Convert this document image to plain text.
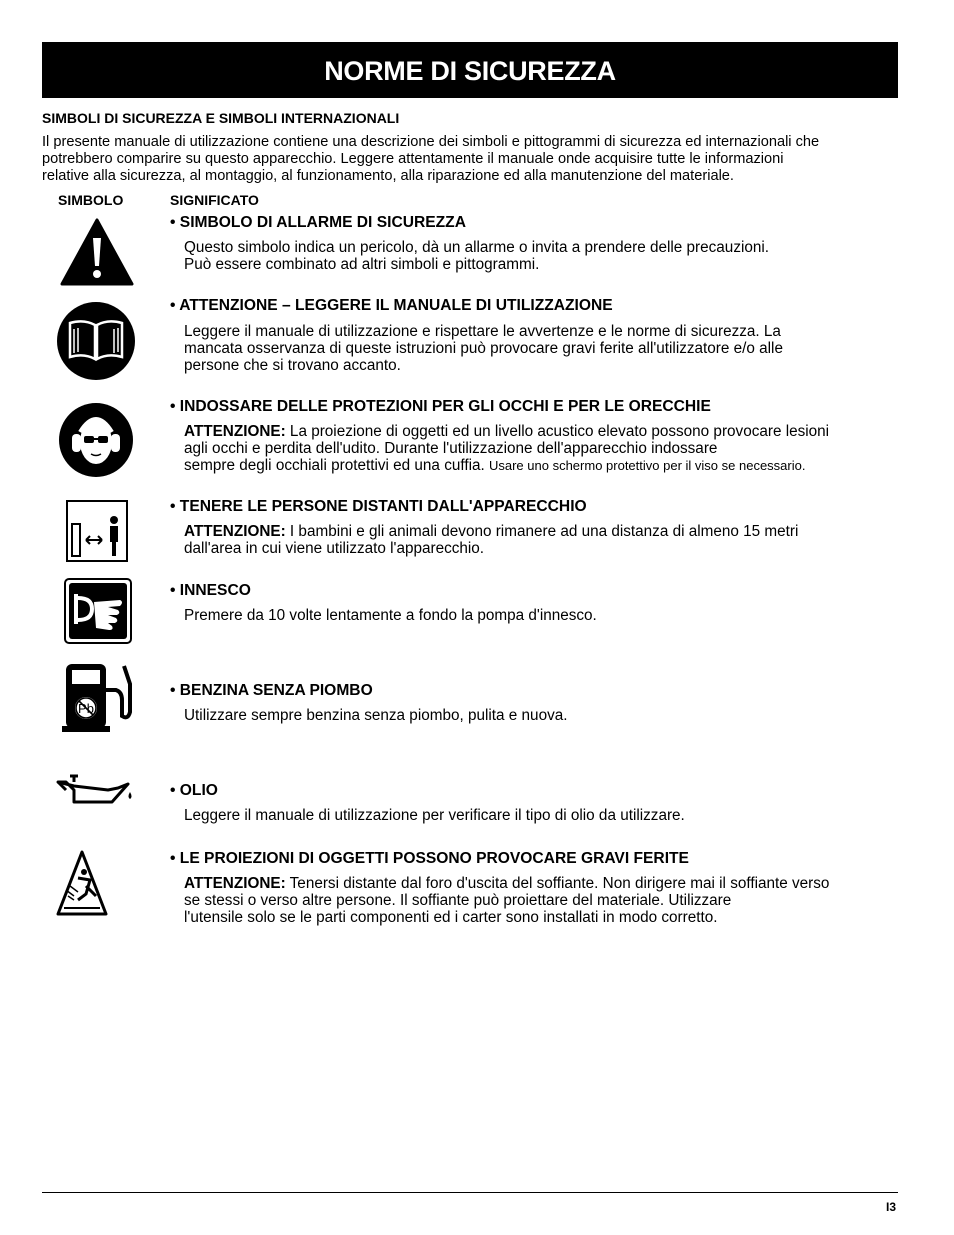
NORME DI SICUREZZA
SIMBOLI DI SICUREZZA E SIMBOLI INTERNAZIONALI

Il presente manuale di utilizzazione contiene una descrizione dei simboli e pittogrammi di sicurezza ed internazionali che
potrebbero comparire su questo apparecchio. Leggere attentamente il manuale onde acquisire tutte le informazioni
relative alla sicurezza, al montaggio, al funzionamento, alla riparazione ed alla manutenzione del materiale.

SIMBOLO	SIGNIFICATO
• SIMBOLO DI ALLARME DI SICUREZZA

Questo simbolo indica un pericolo, dà un allarme o invita a prendere delle precauzioni.
Può essere combinato ad altri simboli e pittogrammi.

• ATTENZIONE – LEGGERE IL MANUALE DI UTILIZZAZIONE

Leggere il manuale di utilizzazione e rispettare le avvertenze e le norme di sicurezza. La
mancata osservanza di queste istruzioni può provocare gravi ferite all'utilizzatore e/o alle
persone che si trovano accanto.

• INDOSSARE DELLE PROTEZIONI PER GLI OCCHI E PER LE ORECCHIE

ATTENZIONE: La proiezione di oggetti ed un livello acustico elevato possono provocare lesioni
agli occhi e perdita dell'udito. Durante l'utilizzazione dell'apparecchio indossare
sempre degli occhiali protettivi ed una cuffia. Usare uno schermo protettivo per il viso se necessario.

• TENERE LE PERSONE DISTANTI DALL'APPARECCHIO

ATTENZIONE: I bambini e gli animali devono rimanere ad una distanza di almeno 15 metri
dall'area in cui viene utilizzato l'apparecchio.

• INNESCO

Premere da 10 volte lentamente a fondo la pompa d'innesco.

Pb
• BENZINA SENZA PIOMBO

Utilizzare sempre benzina senza piombo, pulita e nuova.

• OLIO

Leggere il manuale di utilizzazione per verificare il tipo di olio da utilizzare.

• LE PROIEZIONI DI OGGETTI POSSONO PROVOCARE GRAVI FERITE

ATTENZIONE: Tenersi distante dal foro d'uscita del soffiante. Non dirigere mai il soffiante verso
se stessi o verso altre persone. Il soffiante può proiettare del materiale. Utilizzare
l'utensile solo se le parti componenti ed i carter sono installati in modo corretto.

I3
